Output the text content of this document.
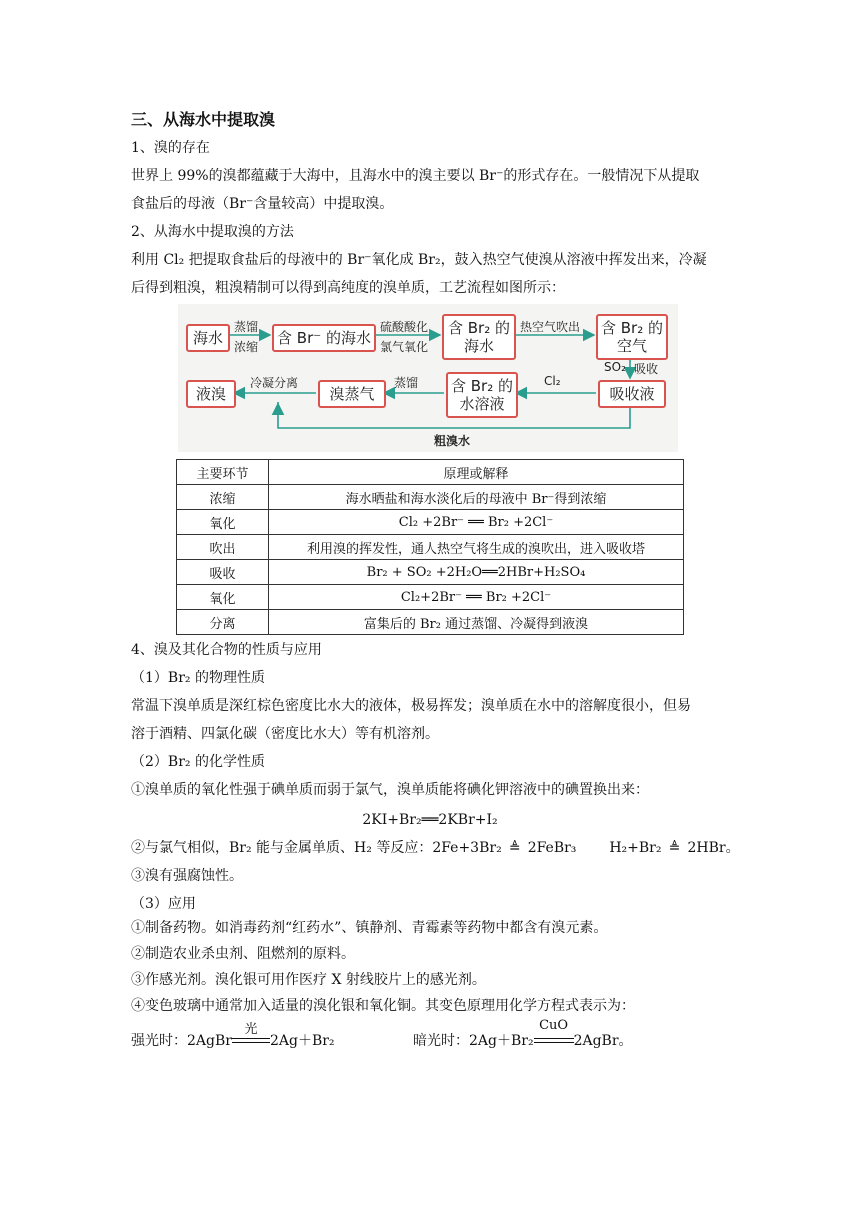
三、从海水中提取溴
1、溴的存在
世界上 99%的溴都蕴藏于大海中，且海水中的溴主要以 Br⁻的形式存在。一般情况下从提取
食盐后的母液（Br⁻含量较高）中提取溴。
2、从海水中提取溴的方法
利用 Cl₂ 把提取食盐后的母液中的 Br⁻氧化成 Br₂，鼓入热空气使溴从溶液中挥发出来，冷凝
后得到粗溴，粗溴精制可以得到高纯度的溴单质，工艺流程如图所示：
海水	含 Br⁻ 的海水
含 Br₂ 的
海水
含 Br₂ 的
空气
吸收液
含 Br₂ 的
水溶液
溴蒸气
液溴
蒸馏
浓缩
硫酸酸化
氯气氧化
热空气吹出
SO₂ 吸收
Cl₂
蒸馏
冷凝分离
粗溴水
主要环节	原理或解释
浓缩	海水晒盐和海水淡化后的母液中 Br⁻得到浓缩
氧化	Cl₂ +2Br⁻ ══ Br₂ +2Cl⁻
吹出	利用溴的挥发性，通人热空气将生成的溴吹出，进入吸收塔
吸收	Br₂ + SO₂ +2H₂O══2HBr+H₂SO₄
氧化	Cl₂+2Br⁻ ══ Br₂ +2Cl⁻
分离	富集后的 Br₂ 通过蒸馏、冷凝得到液溴
4、溴及其化合物的性质与应用
（1）Br₂ 的物理性质
常温下溴单质是深红棕色密度比水大的液体，极易挥发；溴单质在水中的溶解度很小，但易
溶于酒精、四氯化碳（密度比水大）等有机溶剂。
（2）Br₂ 的化学性质
①溴单质的氧化性强于碘单质而弱于氯气，溴单质能将碘化钾溶液中的碘置换出来：
2KI+Br₂══2KBr+I₂
②与氯气相似，Br₂ 能与金属单质、H₂ 等反应：2Fe+3Br₂ ≜ 2FeBr₃ H₂+Br₂ ≜ 2HBr。
③溴有强腐蚀性。
（3）应用
①制备药物。如消毒药剂“红药水”、镇静剂、青霉素等药物中都含有溴元素。
②制造农业杀虫剂、阻燃剂的原料。
③作感光剂。溴化银可用作医疗 X 射线胶片上的感光剂。
④变色玻璃中通常加入适量的溴化银和氧化铜。其变色原理用化学方程式表示为：
强光时：2AgBr
光
2Ag＋Br₂	暗光时：2Ag＋Br₂
CuO
2AgBr。
